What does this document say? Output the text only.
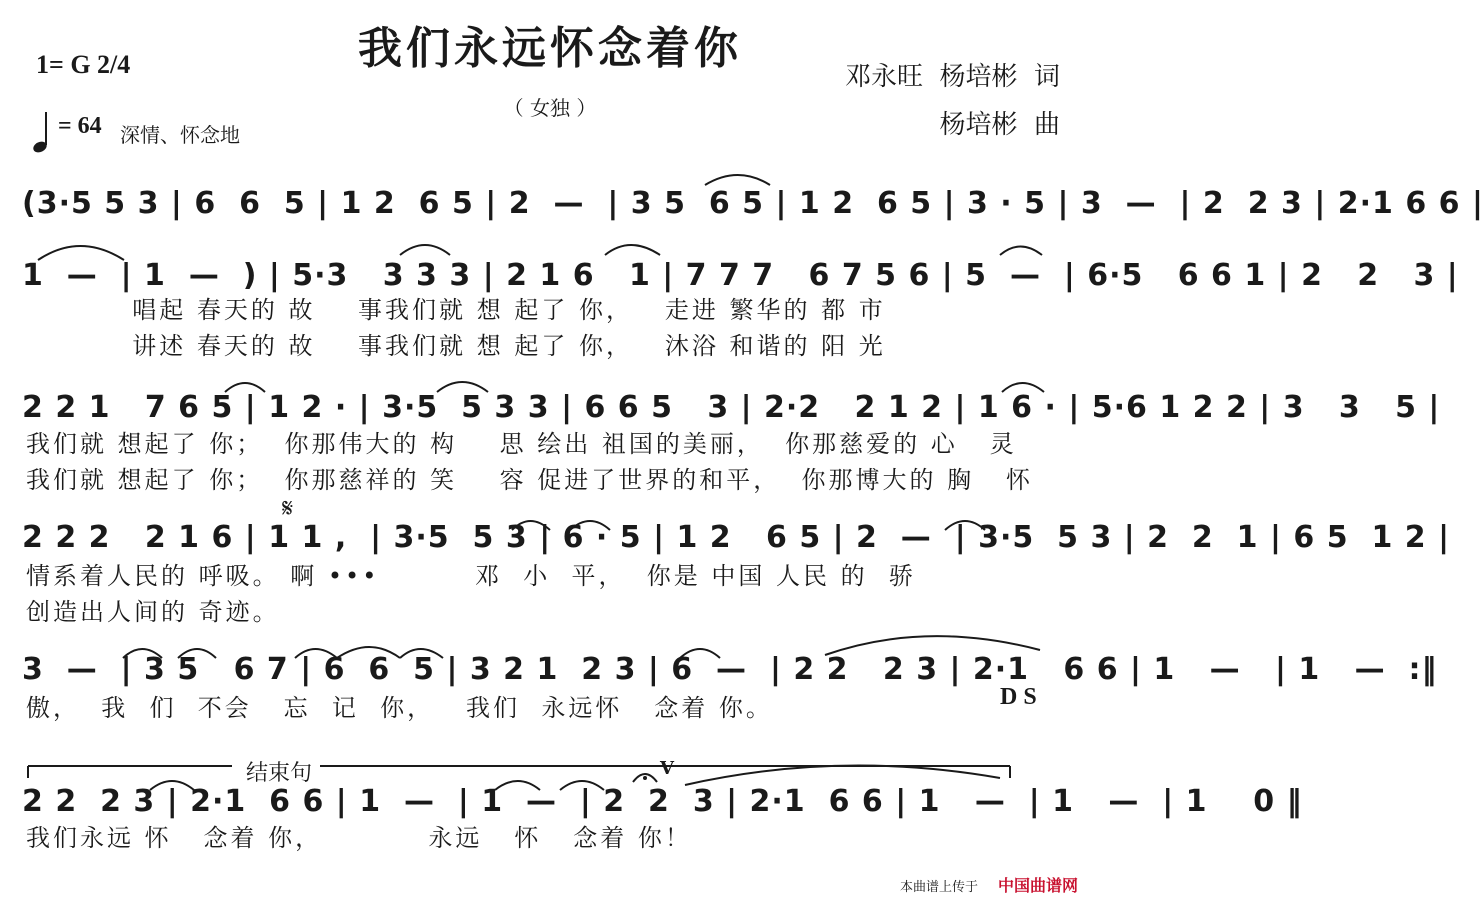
我们永远怀念着你
（ 女独 ）
1= G 2/4
= 64 深情、怀念地
邓永旺  杨培彬  词
杨培彬  曲
(3·5 5 3 | 6  6  5 | 1 2  6 5 | 2  —  | 3 5  6 5 | 1 2  6 5 | 3 · 5 | 3  —  | 2  2 3 | 2·1 6 6 |
1  —  | 1  —  ) | 5·3   3 3 3 | 2 1 6   1 | 7 7 7   6 7 5 6 | 5  —  | 6·5   6 6 1 | 2   2   3 |
唱起 春天的 故    事我们就 想 起了 你，   走进 繁华的 都 市
讲述 春天的 故    事我们就 想 起了 你，   沐浴 和谐的 阳 光
2 2 1   7 6 5 | 1 2 · | 3·5  5 3 3 | 6 6 5   3 | 2·2   2 1 2 | 1 6 · | 5·6 1 2 2 | 3   3   5 |
我们就 想起了 你；  你那伟大的 构    思 绘出 祖国的美丽，  你那慈爱的 心   灵
我们就 想起了 你；  你那慈祥的 笑    容 促进了世界的和平，  你那博大的 胸   怀
𝄋
2 2 2   2 1 6 | 1 1 ,  | 3·5  5 3 | 6 · 5 | 1 2   6 5 | 2  —  | 3·5  5 3 | 2  2  1 | 6 5  1 2 |
情系着人民的 呼吸。 啊 •••         邓  小  平，  你是 中国 人民 的  骄
创造出人间的 奇迹。
3  —  | 3 5   6 7 | 6  6  5 | 3 2 1  2 3 | 6  —  | 2 2   2 3 | 2·1   6 6 | 1   —   | 1   —  :‖
傲，  我  们  不会   忘  记  你，   我们  永远怀   念着 你。	D S
结束句	V
2 2  2 3 | 2·1  6 6 | 1  —  | 1  —  | 2  2  3 | 2·1  6 6 | 1   —  | 1   —  | 1    0 ‖
我们永远 怀   念着 你，          永远   怀   念着 你！
本曲谱上传于 中国曲谱网
